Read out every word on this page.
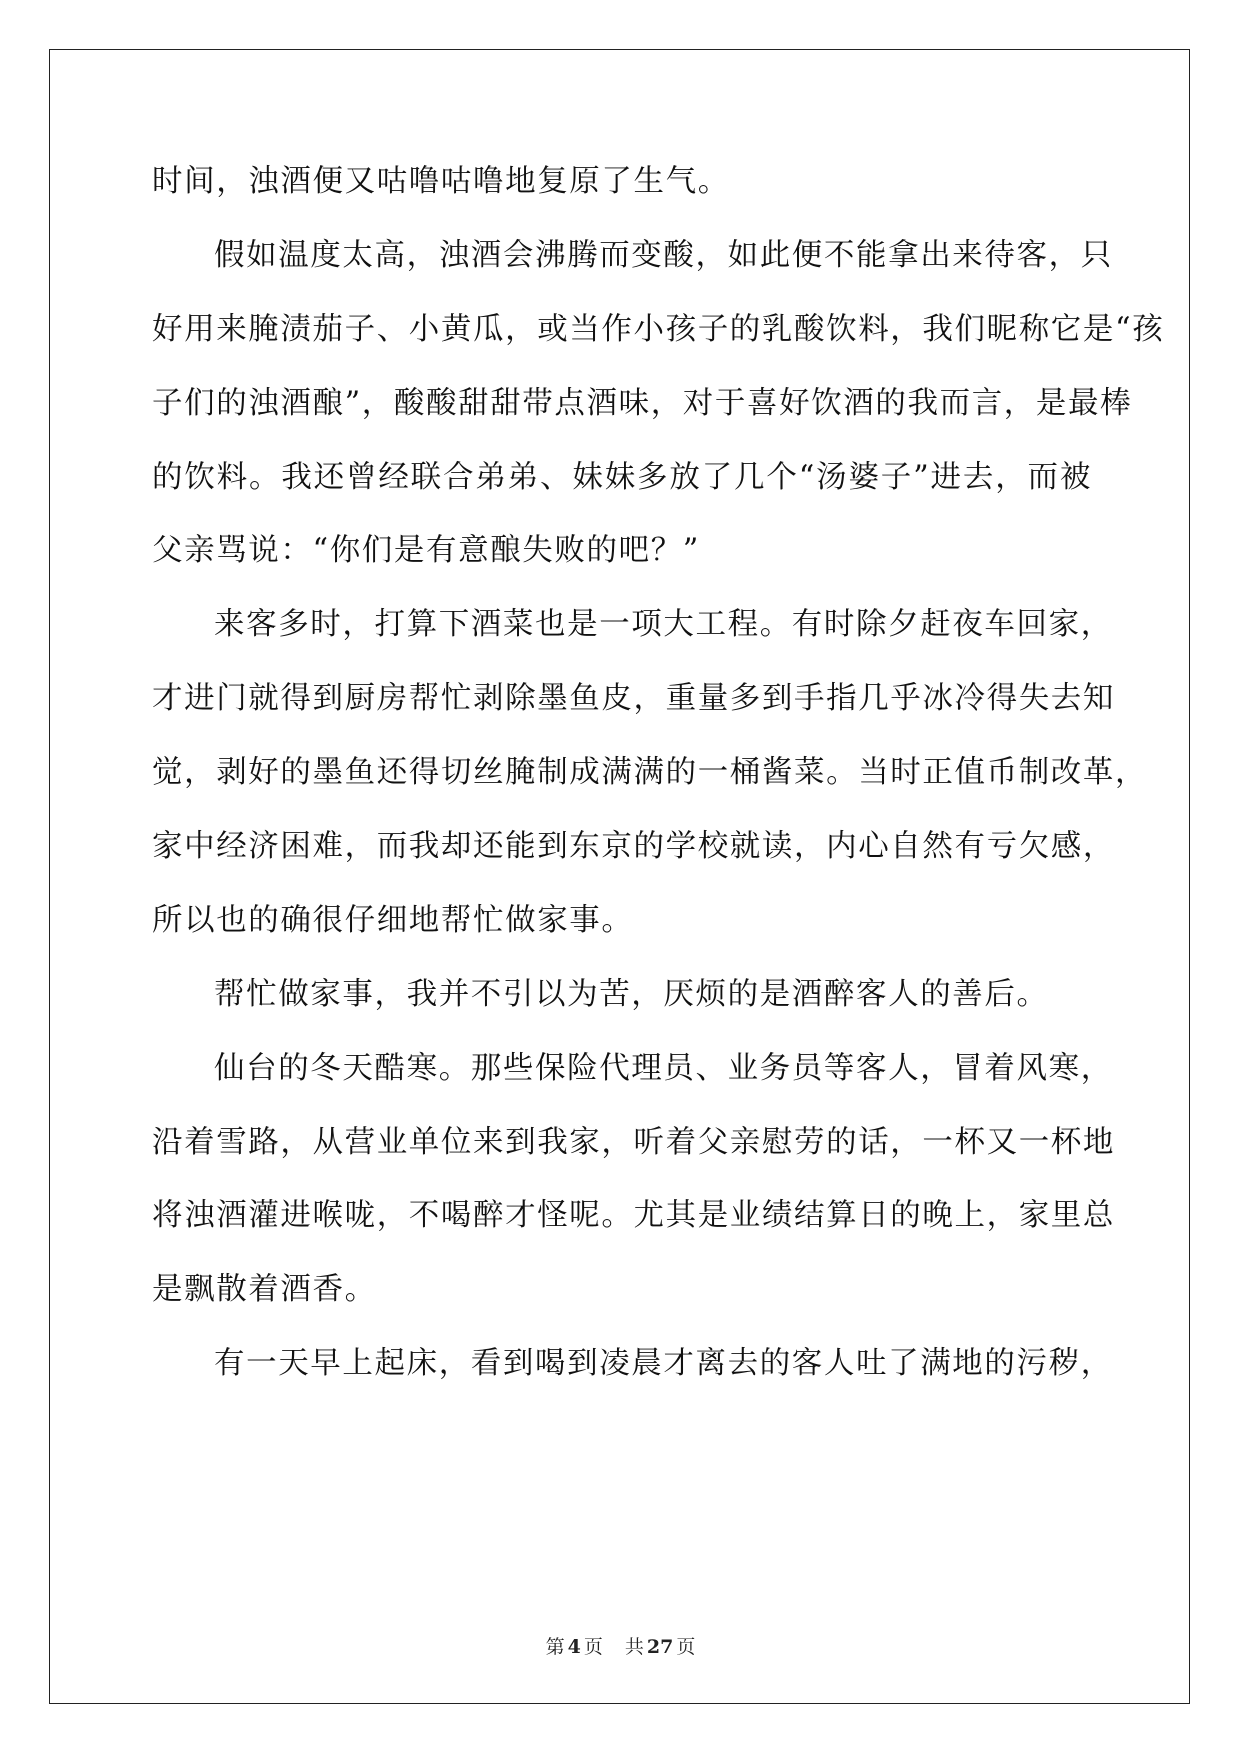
时间，浊酒便又咕噜咕噜地复原了生气。
假如温度太高，浊酒会沸腾而变酸，如此便不能拿出来待客，只
好用来腌渍茄子、小黄瓜，或当作小孩子的乳酸饮料，我们昵称它是“孩
子们的浊酒酿”，酸酸甜甜带点酒味，对于喜好饮酒的我而言，是最棒
的饮料。我还曾经联合弟弟、妹妹多放了几个“汤婆子”进去，而被
父亲骂说：“你们是有意酿失败的吧？”
来客多时，打算下酒菜也是一项大工程。有时除夕赶夜车回家，
才进门就得到厨房帮忙剥除墨鱼皮，重量多到手指几乎冰冷得失去知
觉，剥好的墨鱼还得切丝腌制成满满的一桶酱菜。当时正值币制改革，
家中经济困难，而我却还能到东京的学校就读，内心自然有亏欠感，
所以也的确很仔细地帮忙做家事。
帮忙做家事，我并不引以为苦，厌烦的是酒醉客人的善后。
仙台的冬天酷寒。那些保险代理员、业务员等客人，冒着风寒，
沿着雪路，从营业单位来到我家，听着父亲慰劳的话，一杯又一杯地
将浊酒灌进喉咙，不喝醉才怪呢。尤其是业绩结算日的晚上，家里总
是飘散着酒香。
有一天早上起床，看到喝到凌晨才离去的客人吐了满地的污秽，
第 4 页 共 27 页
